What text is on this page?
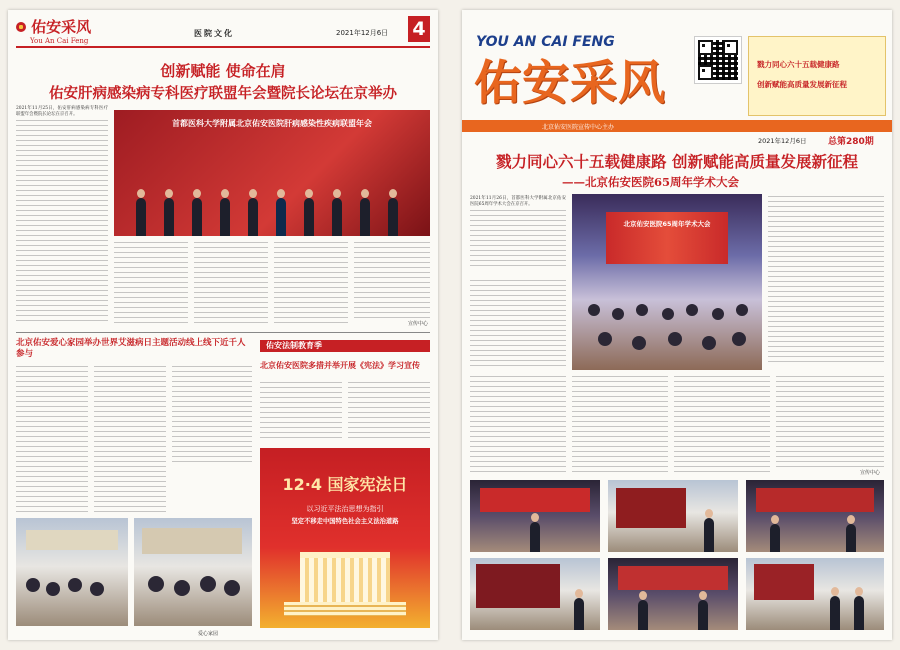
佑安采风
You An Cai Feng
医院文化	2021年12月6日 4
创新赋能 使命在肩
佑安肝病感染病专科医疗联盟年会暨院长论坛在京举办

2021年11月25日，佑安肝病感染病专科医疗联盟年会暨院长论坛在京召开。

首都医科大学附属北京佑安医院肝病感染性疾病联盟年会
宣传中心
北京佑安爱心家园举办世界艾滋病日主题活动线上线下近千人参与
爱心家园
佑安法制教育季
北京佑安医院多措并举开展《宪法》学习宣传
12·4 国家宪法日
以习近平法治思想为指引
坚定不移走中国特色社会主义法治道路
YOU AN CAI FENG
佑安采风	戮力同心六十五载健康路
创新赋能高质量发展新征程
北京佑安医院宣传中心主办
2021年12月6日 总第280期
戮力同心六十五载健康路 创新赋能高质量发展新征程
——北京佑安医院65周年学术大会

2021年11月26日，首都医科大学附属北京佑安医院65周年学术大会在京召开。

北京佑安医院65周年学术大会
宣传中心
